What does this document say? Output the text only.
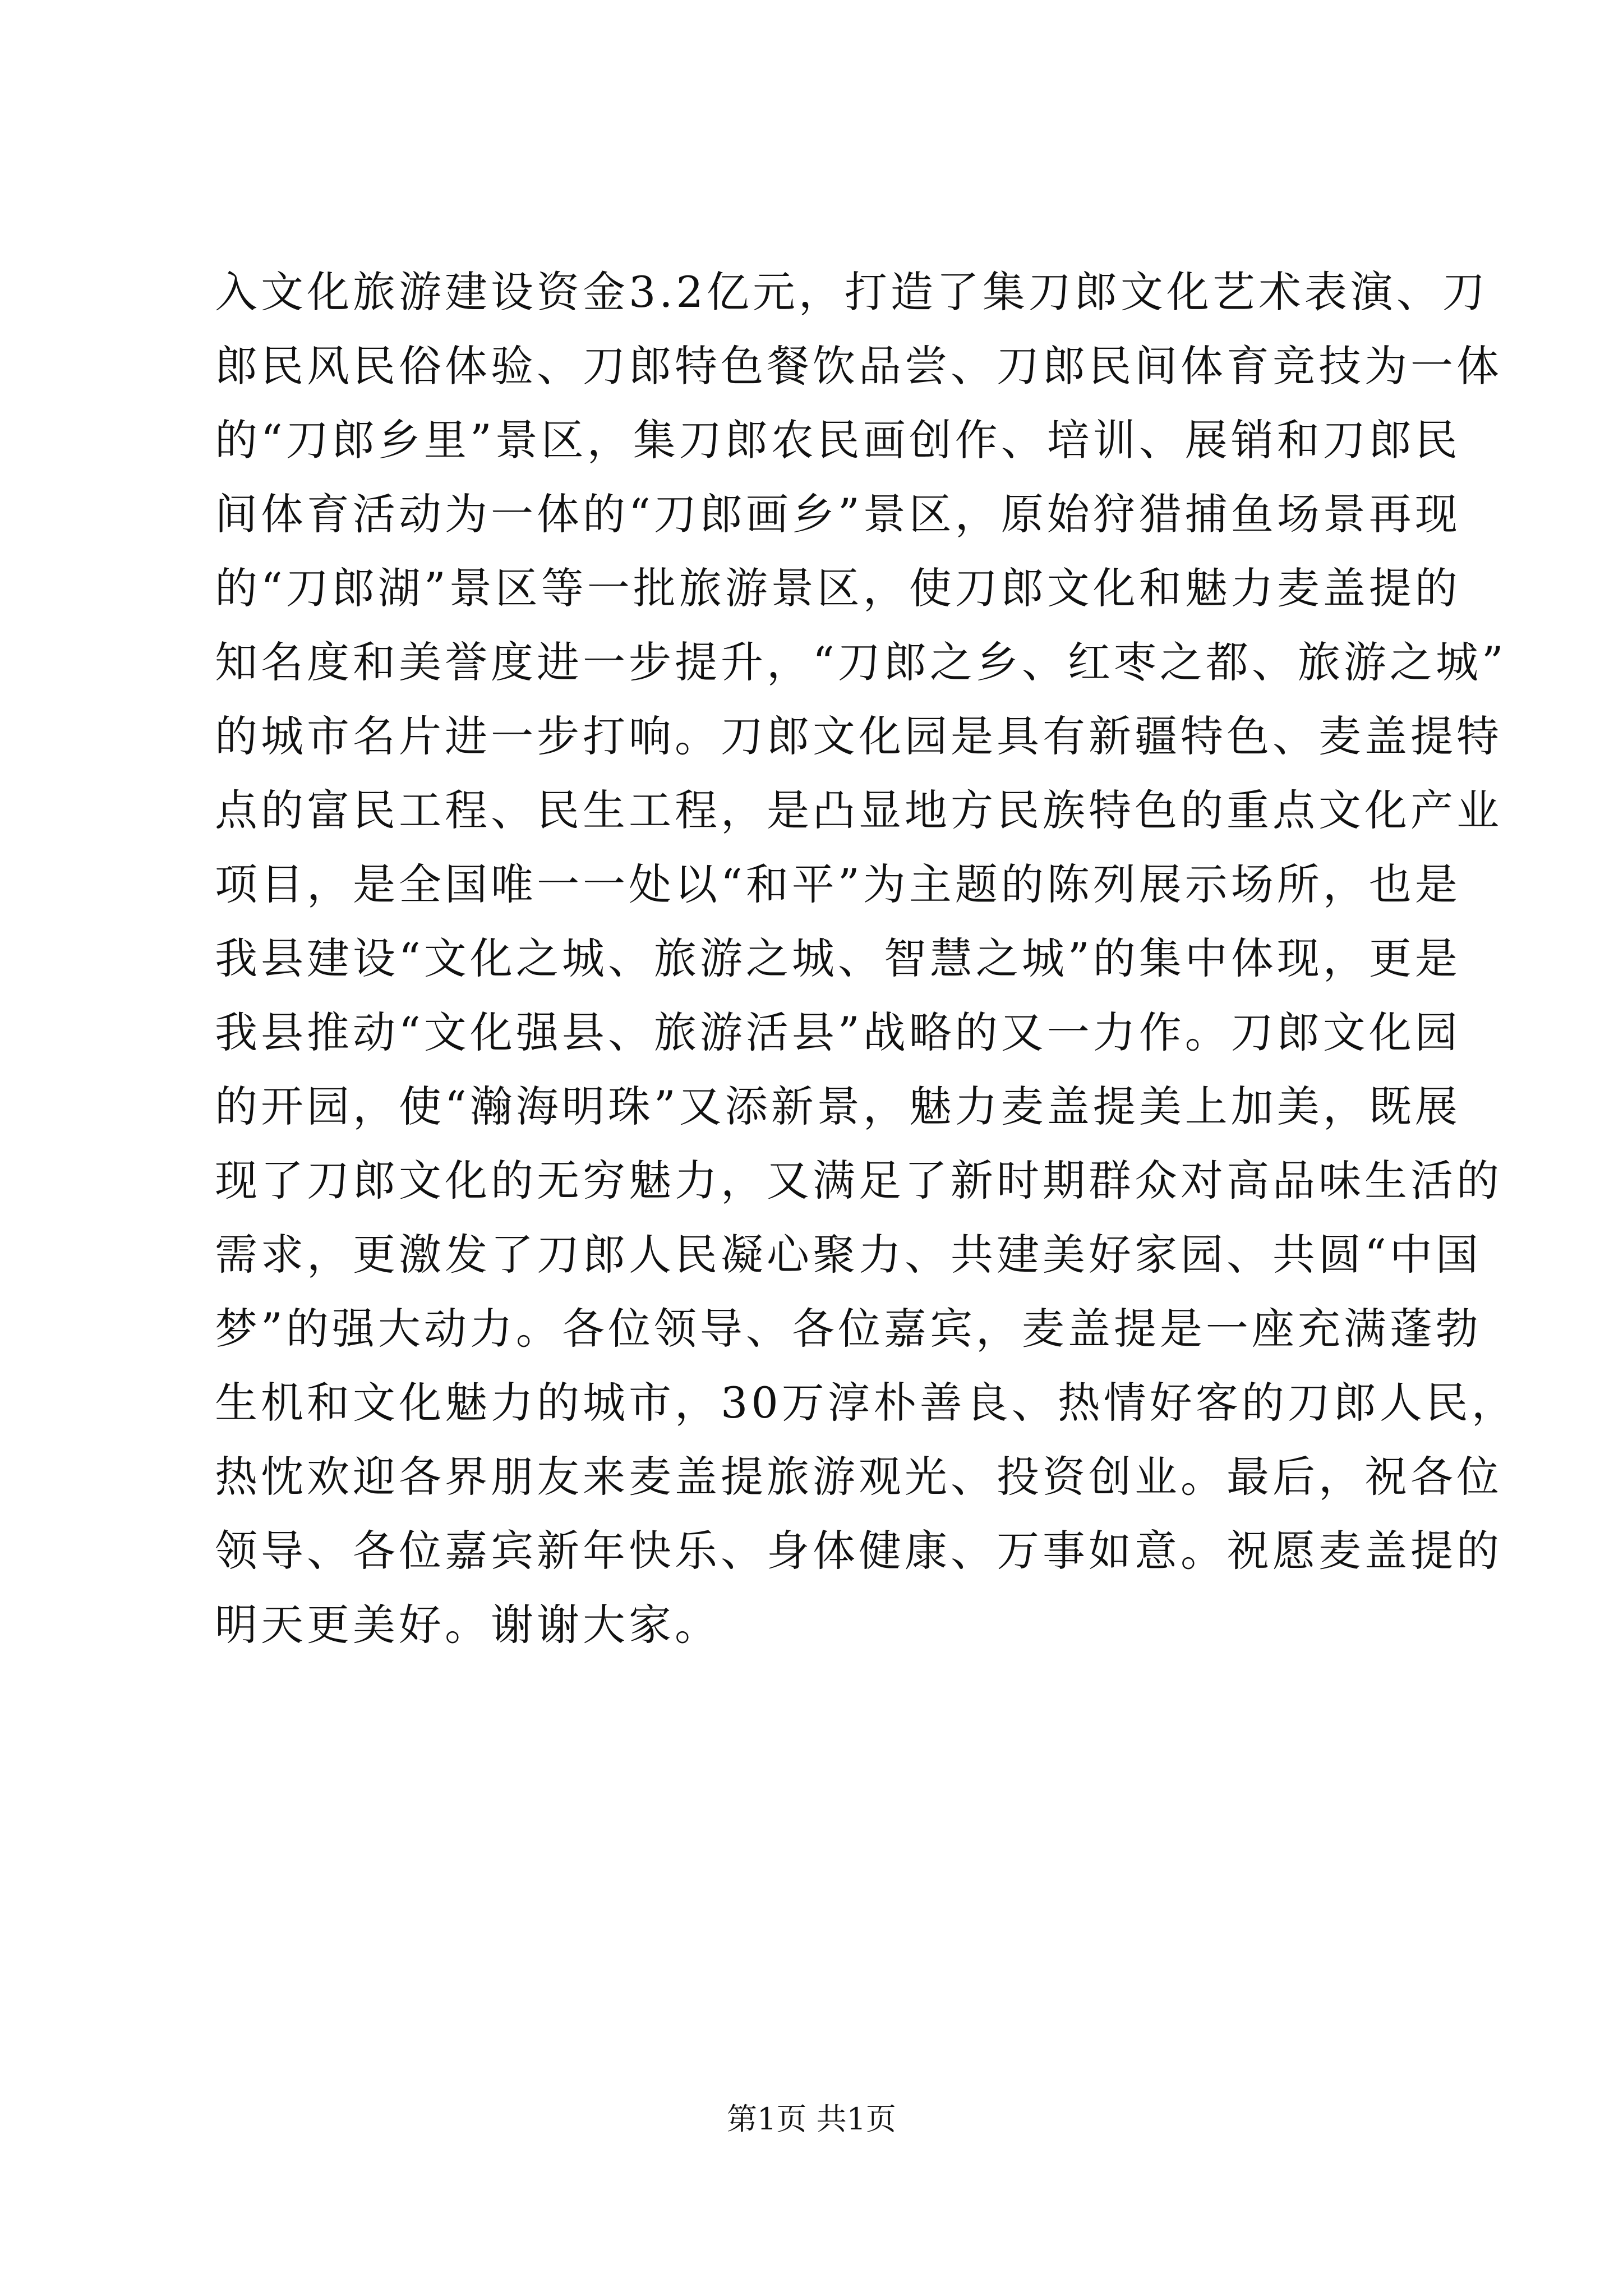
入文化旅游建设资金3.2亿元，打造了集刀郎文化艺术表演、刀
郎民风民俗体验、刀郎特色餐饮品尝、刀郎民间体育竞技为一体
的“刀郎乡里”景区，集刀郎农民画创作、培训、展销和刀郎民
间体育活动为一体的“刀郎画乡”景区，原始狩猎捕鱼场景再现
的“刀郎湖”景区等一批旅游景区，使刀郎文化和魅力麦盖提的
知名度和美誉度进一步提升，“刀郎之乡、红枣之都、旅游之城”
的城市名片进一步打响。刀郎文化园是具有新疆特色、麦盖提特
点的富民工程、民生工程，是凸显地方民族特色的重点文化产业
项目，是全国唯一一处以“和平”为主题的陈列展示场所，也是
我县建设“文化之城、旅游之城、智慧之城”的集中体现，更是
我县推动“文化强县、旅游活县”战略的又一力作。刀郎文化园
的开园，使“瀚海明珠”又添新景，魅力麦盖提美上加美，既展
现了刀郎文化的无穷魅力，又满足了新时期群众对高品味生活的
需求，更激发了刀郎人民凝心聚力、共建美好家园、共圆“中国
梦”的强大动力。各位领导、各位嘉宾，麦盖提是一座充满蓬勃
生机和文化魅力的城市，30万淳朴善良、热情好客的刀郎人民，
热忱欢迎各界朋友来麦盖提旅游观光、投资创业。最后，祝各位
领导、各位嘉宾新年快乐、身体健康、万事如意。祝愿麦盖提的
明天更美好。谢谢大家。
第1页 共1页
